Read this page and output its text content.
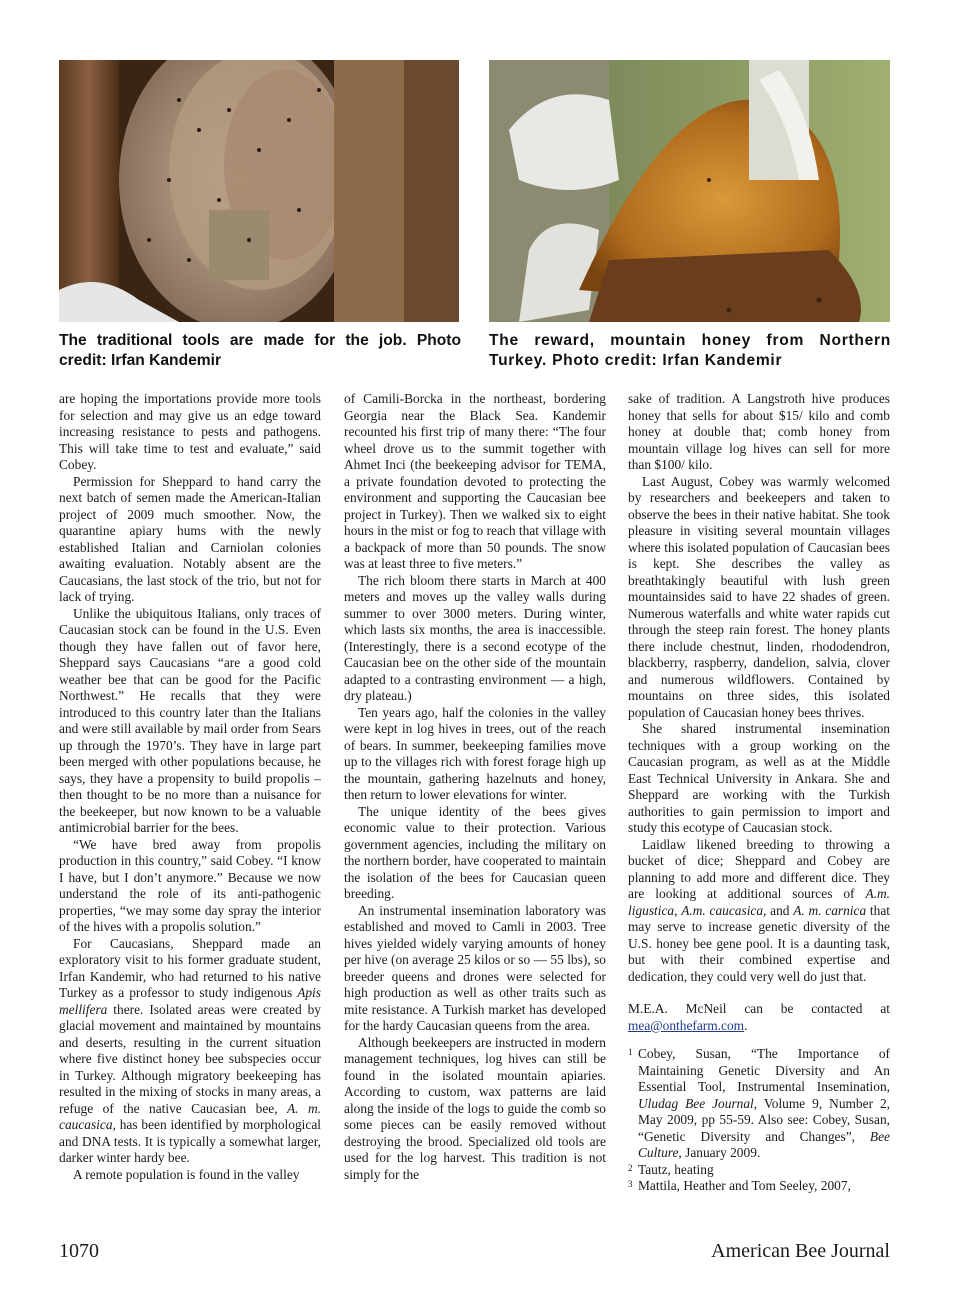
The traditional tools are made for the job. Photo credit: Irfan Kandemir
The reward, mountain honey from Northern Turkey. Photo credit: Irfan Kandemir

are hoping the importations provide more tools for selection and may give us an edge toward increasing resistance to pests and pathogens. This will take time to test and evaluate,” said Cobey.

Permission for Sheppard to hand carry the next batch of semen made the American-Italian project of 2009 much smoother. Now, the quarantine apiary hums with the newly established Italian and Carniolan colonies awaiting evaluation. Notably absent are the Caucasians, the last stock of the trio, but not for lack of trying.

Unlike the ubiquitous Italians, only traces of Caucasian stock can be found in the U.S. Even though they have fallen out of favor here, Sheppard says Caucasians “are a good cold weather bee that can be good for the Pacific Northwest.” He recalls that they were introduced to this country later than the Italians and were still available by mail order from Sears up through the 1970’s. They have in large part been merged with other populations because, he says, they have a propensity to build propolis – then thought to be no more than a nuisance for the beekeeper, but now known to be a valuable antimicrobial barrier for the bees.

“We have bred away from propolis production in this country,” said Cobey. “I know I have, but I don’t anymore.” Because we now understand the role of its anti-pathogenic properties, “we may some day spray the interior of the hives with a propolis solution.”

For Caucasians, Sheppard made an exploratory visit to his former graduate student, Irfan Kandemir, who had returned to his native Turkey as a professor to study indigenous Apis mellifera there. Isolated areas were created by glacial movement and maintained by mountains and deserts, resulting in the current situation where five distinct honey bee subspecies occur in Turkey. Although migratory beekeeping has resulted in the mixing of stocks in many areas, a refuge of the native Caucasian bee, A. m. caucasica, has been identified by morphological and DNA tests. It is typically a somewhat larger, darker winter hardy bee.

A remote population is found in the valley

of Camili-Borcka in the northeast, bordering Georgia near the Black Sea. Kandemir recounted his first trip of many there: “The four wheel drove us to the summit together with Ahmet Inci (the beekeeping advisor for TEMA, a private foundation devoted to protecting the environment and supporting the Caucasian bee project in Turkey). Then we walked six to eight hours in the mist or fog to reach that village with a backpack of more than 50 pounds. The snow was at least three to five meters.”

The rich bloom there starts in March at 400 meters and moves up the valley walls during summer to over 3000 meters. During winter, which lasts six months, the area is inaccessible. (Interestingly, there is a second ecotype of the Caucasian bee on the other side of the mountain adapted to a contrasting environment — a high, dry plateau.)

Ten years ago, half the colonies in the valley were kept in log hives in trees, out of the reach of bears. In summer, beekeeping families move up to the villages rich with forest forage high up the mountain, gathering hazelnuts and honey, then return to lower elevations for winter.

The unique identity of the bees gives economic value to their protection. Various government agencies, including the military on the northern border, have cooperated to maintain the isolation of the bees for Caucasian queen breeding.

An instrumental insemination laboratory was established and moved to Camli in 2003. Tree hives yielded widely varying amounts of honey per hive (on average 25 kilos or so — 55 lbs), so breeder queens and drones were selected for high production as well as other traits such as mite resistance. A Turkish market has developed for the hardy Caucasian queens from the area.

Although beekeepers are instructed in modern management techniques, log hives can still be found in the isolated mountain apiaries. According to custom, wax patterns are laid along the inside of the logs to guide the comb so some pieces can be easily removed without destroying the brood. Specialized old tools are used for the log harvest. This tradition is not simply for the

sake of tradition. A Langstroth hive produces honey that sells for about $15/ kilo and comb honey at double that; comb honey from mountain village log hives can sell for more than $100/ kilo.

Last August, Cobey was warmly welcomed by researchers and beekeepers and taken to observe the bees in their native habitat. She took pleasure in visiting several mountain villages where this isolated population of Caucasian bees is kept. She describes the valley as breathtakingly beautiful with lush green mountainsides said to have 22 shades of green. Numerous waterfalls and white water rapids cut through the steep rain forest. The honey plants there include chestnut, linden, rhododendron, blackberry, raspberry, dandelion, salvia, clover and numerous wildflowers. Contained by mountains on three sides, this isolated population of Caucasian honey bees thrives.

She shared instrumental insemination techniques with a group working on the Caucasian program, as well as at the Middle East Technical University in Ankara. She and Sheppard are working with the Turkish authorities to gain permission to import and study this ecotype of Caucasian stock.

Laidlaw likened breeding to throwing a bucket of dice; Sheppard and Cobey are planning to add more and different dice. They are looking at additional sources of A.m. ligustica, A.m. caucasica, and A. m. carnica that may serve to increase genetic diversity of the U.S. honey bee gene pool. It is a daunting task, but with their combined expertise and dedication, they could very well do just that.

M.E.A. McNeil can be contacted at mea@onthefarm.com.

1 Cobey, Susan, “The Importance of Maintaining Genetic Diversity and An Essential Tool, Instrumental Insemination, Uludag Bee Journal, Volume 9, Number 2, May 2009, pp 55-59. Also see: Cobey, Susan, “Genetic Diversity and Changes”, Bee Culture, January 2009.
2 Tautz, heating
3 Mattila, Heather and Tom Seeley, 2007,
1070	American Bee Journal
